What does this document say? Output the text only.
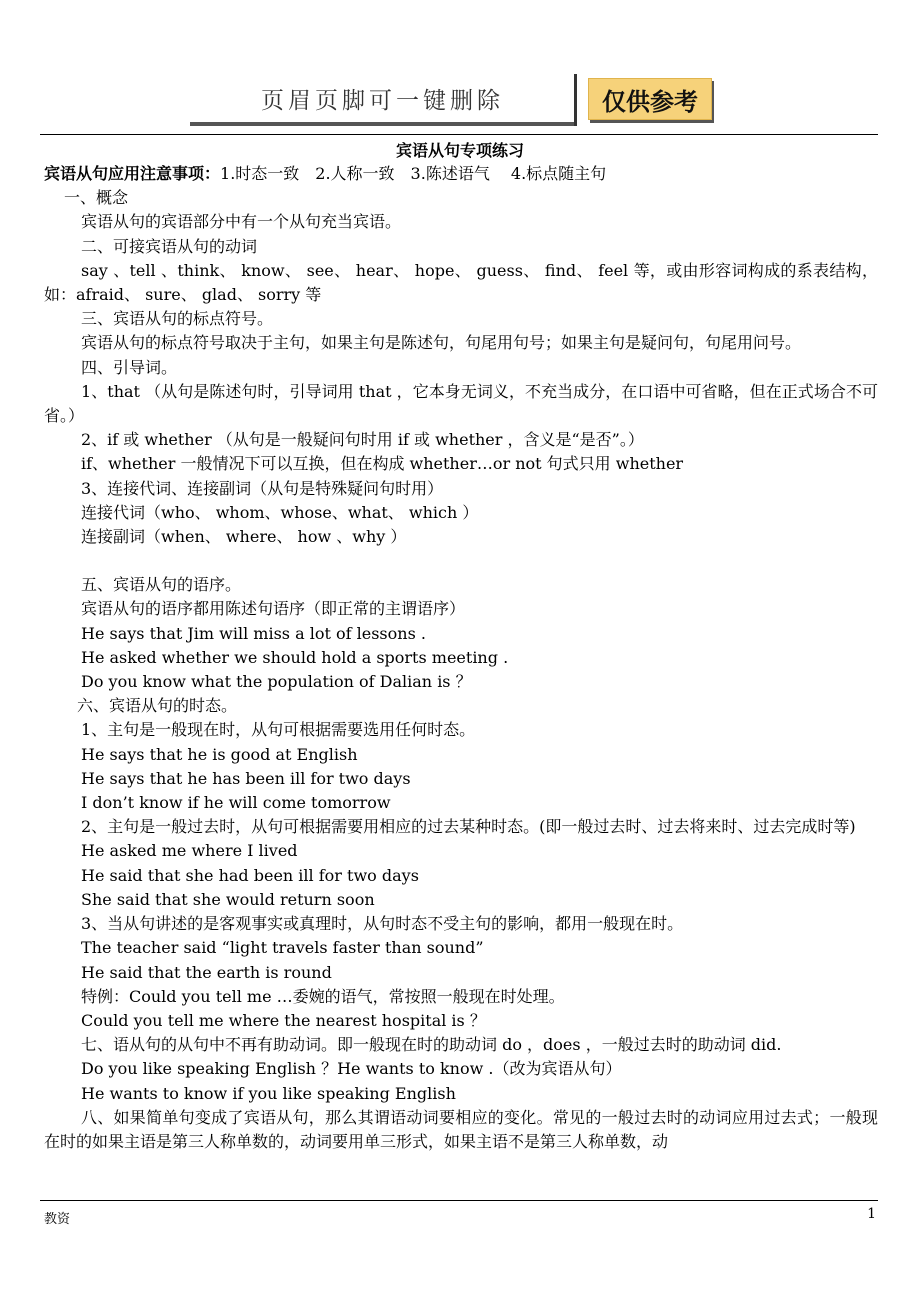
页眉页脚可一键删除	仅供参考
宾语从句专项练习

宾语从句应用注意事项：1.时态一致　2.人称一致　3.陈述语气　 4.标点随主句

一、概念

宾语从句的宾语部分中有一个从句充当宾语。

二、可接宾语从句的动词

say 、tell 、think、 know、 see、 hear、 hope、 guess、 find、 feel 等，或由形容词构成的系表结构，如：afraid、 sure、 glad、 sorry 等

三、宾语从句的标点符号。

宾语从句的标点符号取决于主句，如果主句是陈述句，句尾用句号；如果主句是疑问句，句尾用问号。

四、引导词。

1、that （从句是陈述句时，引导词用 that ，它本身无词义，不充当成分，在口语中可省略，但在正式场合不可省。）

2、if 或 whether （从句是一般疑问句时用 if 或 whether ，含义是“是否”。）

if、whether 一般情况下可以互换，但在构成 whether…or not 句式只用 whether

3、连接代词、连接副词（从句是特殊疑问句时用）

连接代词（who、 whom、whose、what、 which ）

连接副词（when、 where、 how 、why ）

五、宾语从句的语序。

宾语从句的语序都用陈述句语序（即正常的主谓语序）

He says that Jim will miss a lot of lessons .

He asked whether we should hold a sports meeting .

Do you know what the population of Dalian is ？

六、宾语从句的时态。

1、主句是一般现在时，从句可根据需要选用任何时态。

He says that he is good at English

He says that he has been ill for two days

I don’t know if he will come tomorrow

2、主句是一般过去时，从句可根据需要用相应的过去某种时态。(即一般过去时、过去将来时、过去完成时等)

He asked me where I lived

He said that she had been ill for two days

She said that she would return soon

3、当从句讲述的是客观事实或真理时，从句时态不受主句的影响，都用一般现在时。

The teacher said “light travels faster than sound”

He said that the earth is round

特例：Could you tell me …委婉的语气，常按照一般现在时处理。

Could you tell me where the nearest hospital is ？

七、语从句的从句中不再有助动词。即一般现在时的助动词 do ，does ，一般过去时的助动词 did.

Do you like speaking English ？He wants to know .（改为宾语从句）

He wants to know if you like speaking English

八、如果简单句变成了宾语从句，那么其谓语动词要相应的变化。常见的一般过去时的动词应用过去式；一般现在时的如果主语是第三人称单数的，动词要用单三形式，如果主语不是第三人称单数，动

教资	1
